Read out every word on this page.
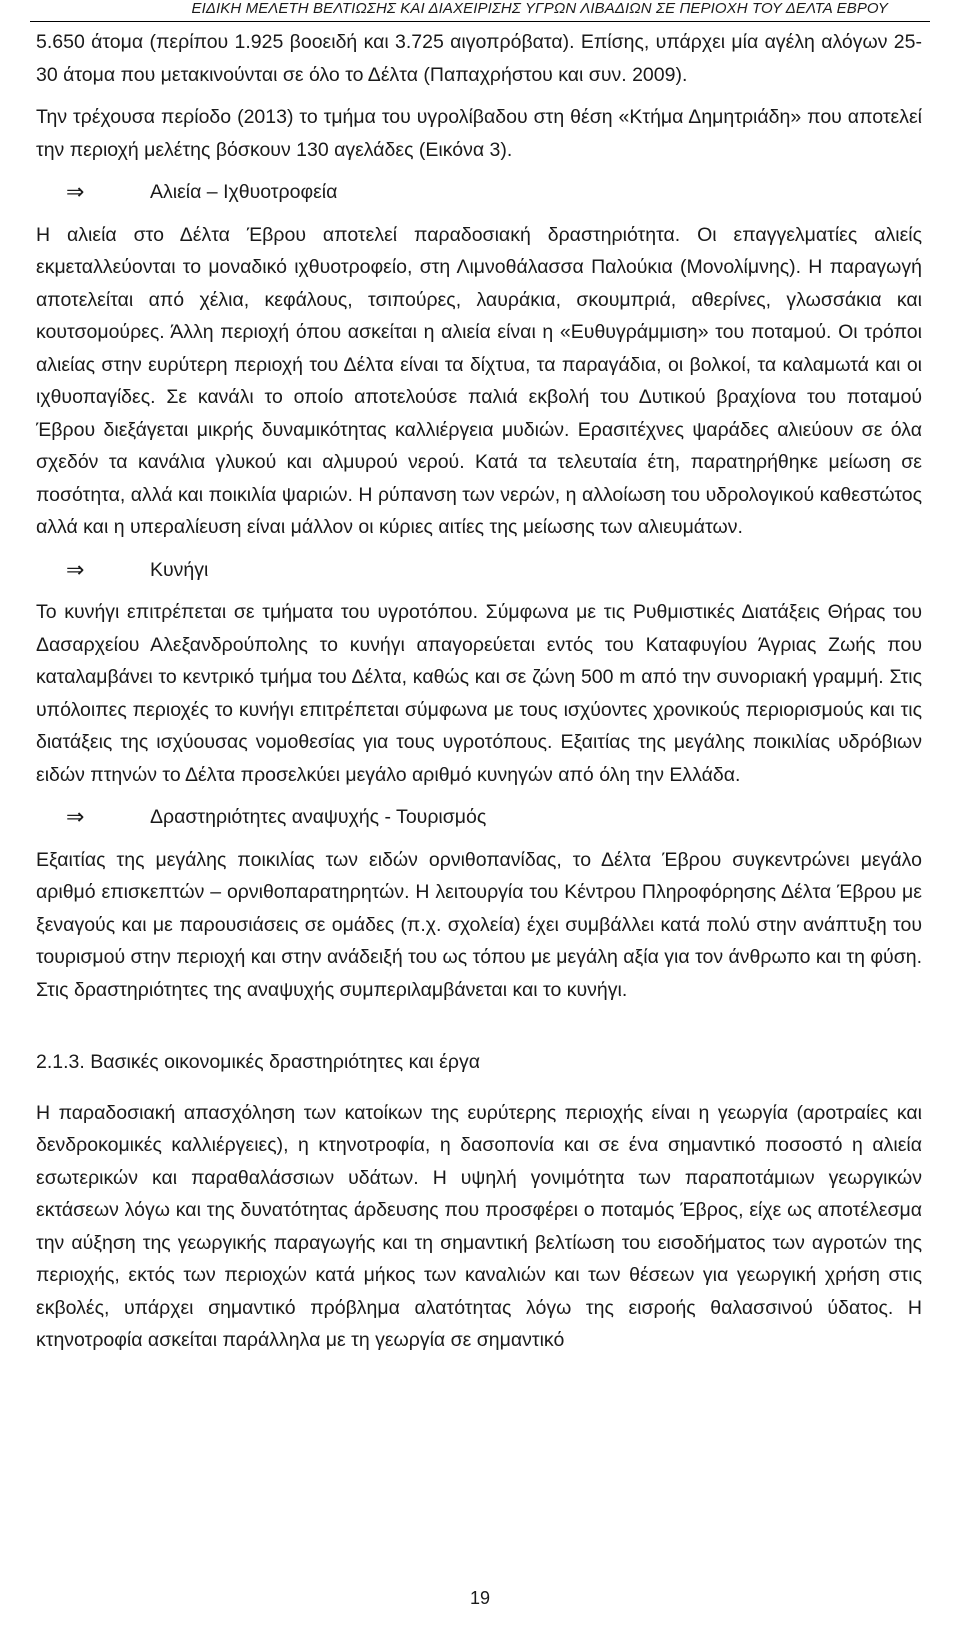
ΕΙΔΙΚΗ ΜΕΛΕΤΗ ΒΕΛΤΙΩΣΗΣ ΚΑΙ ΔΙΑΧΕΙΡΙΣΗΣ ΥΓΡΩΝ ΛΙΒΑΔΙΩΝ ΣΕ ΠΕΡΙΟΧΗ ΤΟΥ ΔΕΛΤΑ ΕΒΡΟΥ

5.650 άτομα (περίπου 1.925 βοοειδή και 3.725 αιγοπρόβατα). Επίσης, υπάρχει μία αγέλη αλόγων 25-30 άτομα που μετακινούνται σε όλο το Δέλτα (Παπαχρήστου και συν. 2009).

Την τρέχουσα περίοδο (2013) το τμήμα του υγρολίβαδου στη θέση «Κτήμα Δημητριάδη» που αποτελεί την περιοχή μελέτης βόσκουν 130 αγελάδες (Εικόνα 3).

⇒	Αλιεία – Ιχθυοτροφεία

Η αλιεία στο Δέλτα Έβρου αποτελεί παραδοσιακή δραστηριότητα. Οι επαγγελματίες αλιείς εκμεταλλεύονται το μοναδικό ιχθυοτροφείο, στη Λιμνοθάλασσα Παλούκια (Μονολίμνης). Η παραγωγή αποτελείται από χέλια, κεφάλους, τσιπούρες, λαυράκια, σκουμπριά, αθερίνες, γλωσσάκια και κουτσομούρες. Άλλη περιοχή όπου ασκείται η αλιεία είναι η «Ευθυγράμμιση» του ποταμού. Οι τρόποι αλιείας στην ευρύτερη περιοχή του Δέλτα είναι τα δίχτυα, τα παραγάδια, οι βολκοί, τα καλαμωτά και οι ιχθυοπαγίδες. Σε κανάλι το οποίο αποτελούσε παλιά εκβολή του Δυτικού βραχίονα του ποταμού Έβρου διεξάγεται μικρής δυναμικότητας καλλιέργεια μυδιών. Ερασιτέχνες ψαράδες αλιεύουν σε όλα σχεδόν τα κανάλια γλυκού και αλμυρού νερού. Κατά τα τελευταία έτη, παρατηρήθηκε μείωση σε ποσότητα, αλλά και ποικιλία ψαριών. Η ρύπανση των νερών, η αλλοίωση του υδρολογικού καθεστώτος αλλά και η υπεραλίευση είναι μάλλον οι κύριες αιτίες της μείωσης των αλιευμάτων.

⇒	Κυνήγι

Το κυνήγι επιτρέπεται σε τμήματα του υγροτόπου. Σύμφωνα με τις Ρυθμιστικές Διατάξεις Θήρας του Δασαρχείου Αλεξανδρούπολης το κυνήγι απαγορεύεται εντός του Καταφυγίου Άγριας Ζωής που καταλαμβάνει το κεντρικό τμήμα του Δέλτα, καθώς και σε ζώνη 500 m από την συνοριακή γραμμή. Στις υπόλοιπες περιοχές το κυνήγι επιτρέπεται σύμφωνα με τους ισχύοντες χρονικούς περιορισμούς και τις διατάξεις της ισχύουσας νομοθεσίας για τους υγροτόπους. Εξαιτίας της μεγάλης ποικιλίας υδρόβιων ειδών πτηνών το Δέλτα προσελκύει μεγάλο αριθμό κυνηγών από όλη την Ελλάδα.

⇒	Δραστηριότητες αναψυχής - Τουρισμός

Εξαιτίας της μεγάλης ποικιλίας των ειδών ορνιθοπανίδας, το Δέλτα Έβρου συγκεντρώνει μεγάλο αριθμό επισκεπτών – ορνιθοπαρατηρητών. Η λειτουργία του Κέντρου Πληροφόρησης Δέλτα Έβρου με ξεναγούς και με παρουσιάσεις σε ομάδες (π.χ. σχολεία) έχει συμβάλλει κατά πολύ στην ανάπτυξη του τουρισμού στην περιοχή και στην ανάδειξή του ως τόπου με μεγάλη αξία για τον άνθρωπο και τη φύση. Στις δραστηριότητες της αναψυχής συμπεριλαμβάνεται και το κυνήγι.

2.1.3. Βασικές οικονομικές δραστηριότητες και έργα

Η παραδοσιακή απασχόληση των κατοίκων της ευρύτερης περιοχής είναι η γεωργία (αροτραίες και δενδροκομικές καλλιέργειες), η κτηνοτροφία, η δασοπονία και σε ένα σημαντικό ποσοστό η αλιεία εσωτερικών και παραθαλάσσιων υδάτων. Η υψηλή γονιμότητα των παραποτάμιων γεωργικών εκτάσεων λόγω και της δυνατότητας άρδευσης που προσφέρει ο ποταμός Έβρος, είχε ως αποτέλεσμα την αύξηση της γεωργικής παραγωγής και τη σημαντική βελτίωση του εισοδήματος των αγροτών της περιοχής, εκτός των περιοχών κατά μήκος των καναλιών και των θέσεων για γεωργική χρήση στις εκβολές, υπάρχει σημαντικό πρόβλημα αλατότητας λόγω της εισροής θαλασσινού ύδατος. Η κτηνοτροφία ασκείται παράλληλα με τη γεωργία σε σημαντικό

19
